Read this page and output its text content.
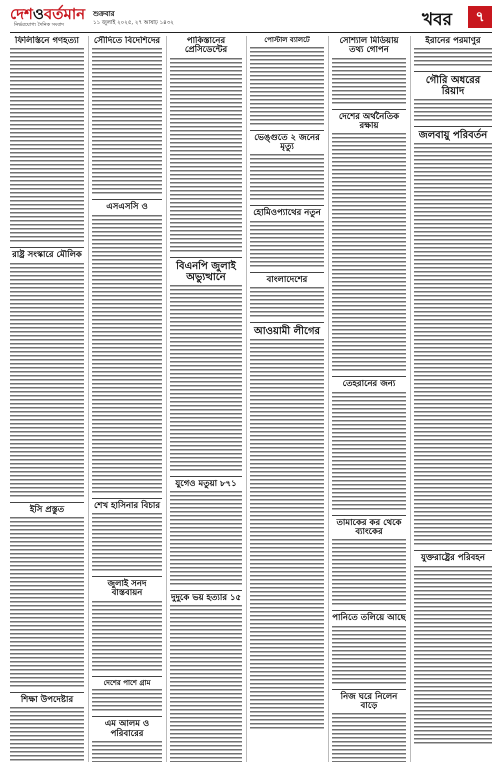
দেশওবর্তমান
নির্ভরযোগ্য দৈনিক সংবাদ
শুক্রবার
১১ জুলাই ২০২৫, ২৭ আষাঢ় ১৪৩২	খবর	৭
ফিলিস্তিনে গণহত্যা
রাষ্ট্র সংস্কারে মৌলিক
ইসি প্রস্তুত
শিক্ষা উপদেষ্টার
সৌদিতে বিদেশিদের
এসএসসি ও
শেখ হাসিনার বিচার
জুলাই সনদ বাস্তবায়ন
দেশের পাশে গ্রাম
এম আলম ও পরিবারের
পাকিস্তানের প্রেসিডেন্টের
বিএনপি জুলাই অভ্যুত্থানে
যুগেও মতুয়া ৮৭১
দুদুকে ভয় হত্যার ১৫
পোস্টাল ব্যালটে
ভেঙ্গুতে ২ জনের মৃত্যু
হোমিওপ্যাথের নতুন
বাংলাদেশের
আওয়ামী লীগের
সোশ্যাল মিডিয়ায় তথ্য গোপন
দেশের অর্থনৈতিক রক্ষায়
তেহরানের জন্য
তামাকের কর থেকে ব্যাংকের
পানিতে তলিয়ে আছে
নিজ ঘরে নিলেন বাড়ে
ইরানের পরমাণুর
গৌরি অধরের রিয়াদ
জলবায়ু পরিবর্তন
যুক্তরাষ্ট্রের পরিবহন
